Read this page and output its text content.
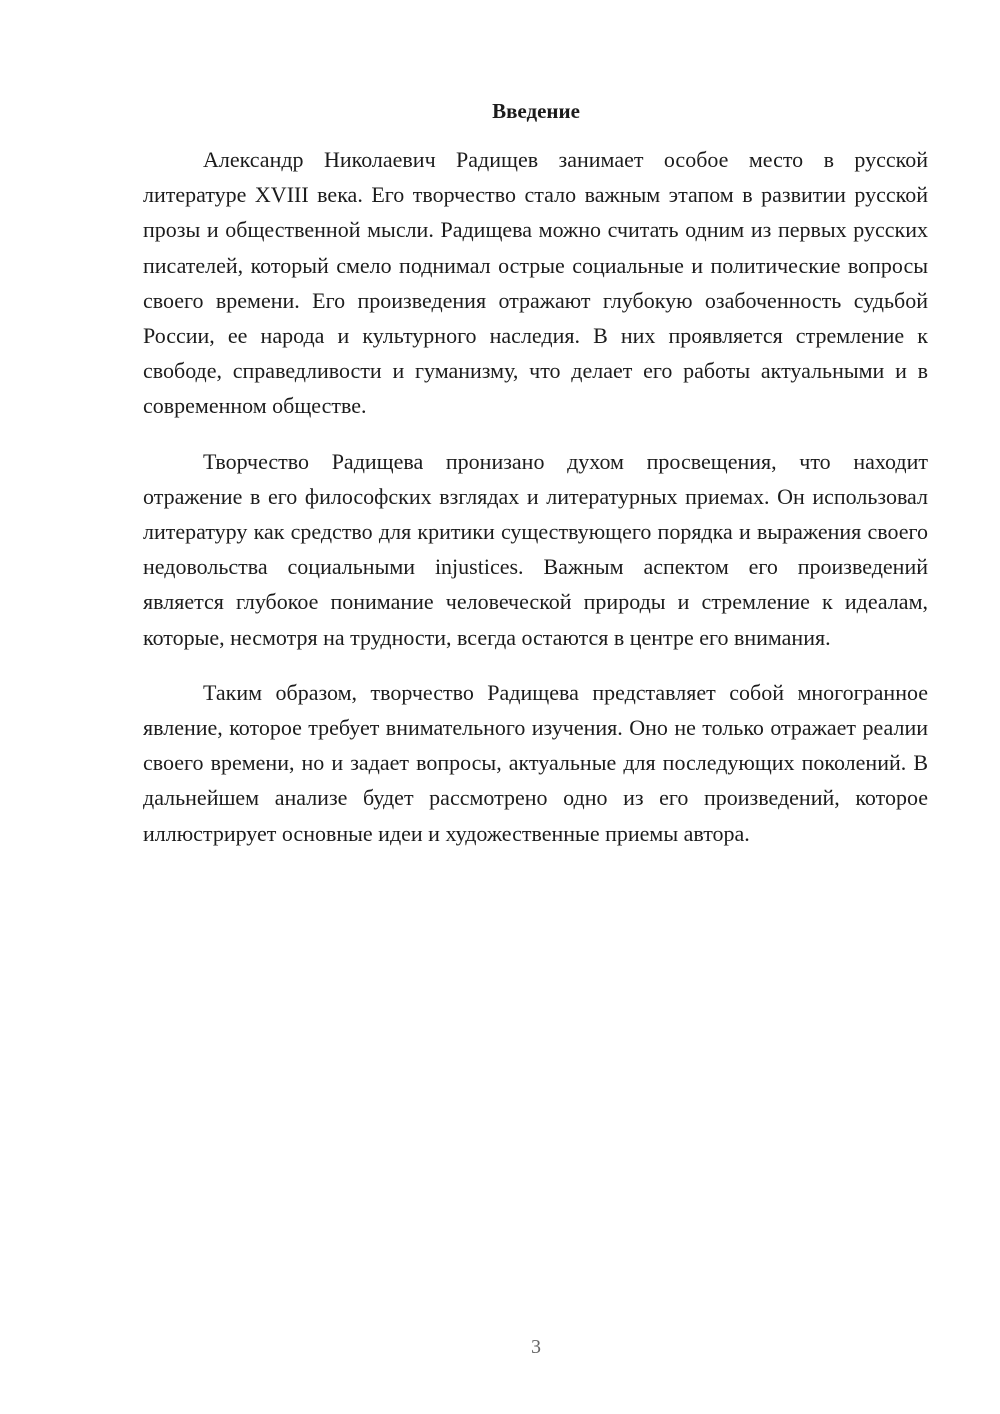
Введение

Александр Николаевич Радищев занимает особое место в русской литературе XVIII века. Его творчество стало важным этапом в развитии русской прозы и общественной мысли. Радищева можно считать одним из первых русских писателей, который смело поднимал острые социальные и политические вопросы своего времени. Его произведения отражают глубокую озабоченность судьбой России, ее народа и культурного наследия. В них проявляется стремление к свободе, справедливости и гуманизму, что делает его работы актуальными и в современном обществе.

Творчество Радищева пронизано духом просвещения, что находит отражение в его философских взглядах и литературных приемах. Он использовал литературу как средство для критики существующего порядка и выражения своего недовольства социальными injustices. Важным аспектом его произведений является глубокое понимание человеческой природы и стремление к идеалам, которые, несмотря на трудности, всегда остаются в центре его внимания.

Таким образом, творчество Радищева представляет собой многогранное явление, которое требует внимательного изучения. Оно не только отражает реалии своего времени, но и задает вопросы, актуальные для последующих поколений. В дальнейшем анализе будет рассмотрено одно из его произведений, которое иллюстрирует основные идеи и художественные приемы автора.

3
